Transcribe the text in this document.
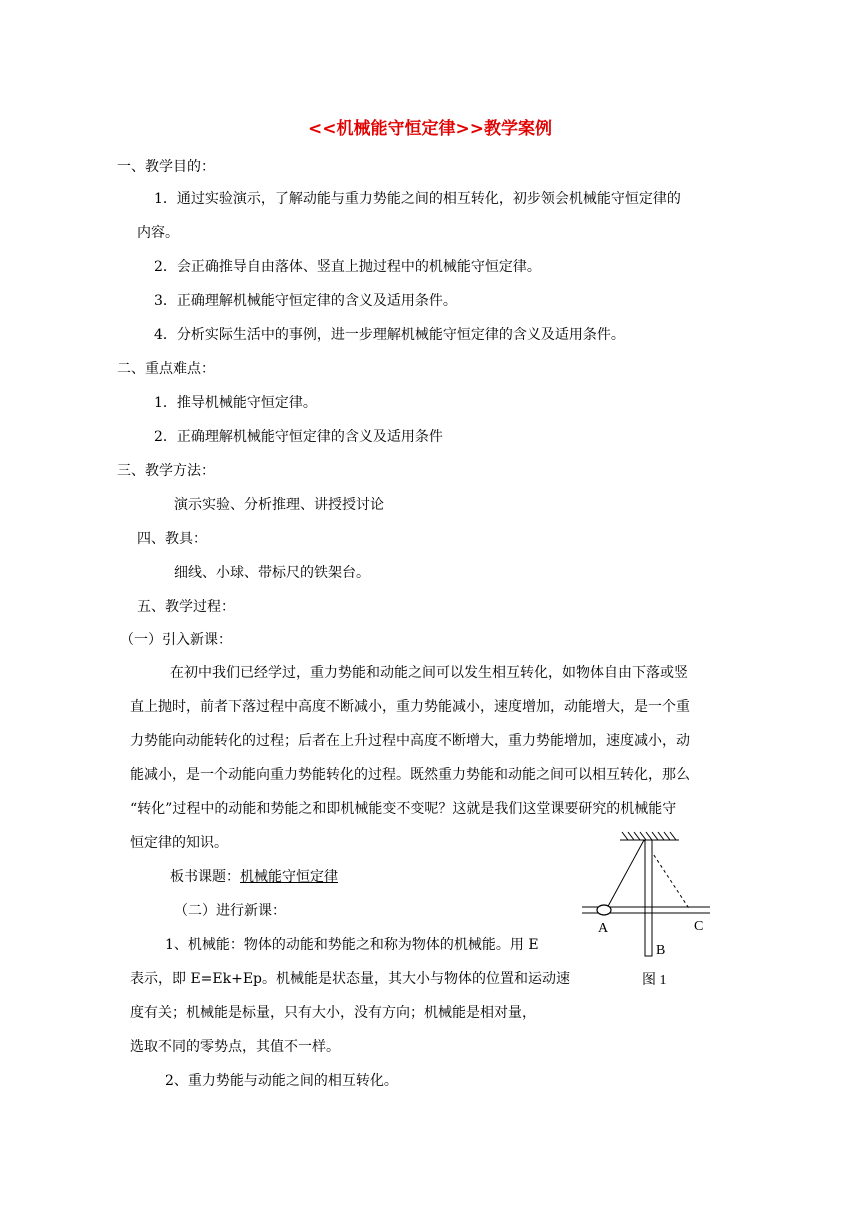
<<机械能守恒定律>>教学案例
一、教学目的：
1．通过实验演示，了解动能与重力势能之间的相互转化，初步领会机械能守恒定律的
内容。
2．会正确推导自由落体、竖直上抛过程中的机械能守恒定律。
3．正确理解机械能守恒定律的含义及适用条件。
4．分析实际生活中的事例，进一步理解机械能守恒定律的含义及适用条件。
二、重点难点：
1．推导机械能守恒定律。
2．正确理解机械能守恒定律的含义及适用条件
三、教学方法：
演示实验、分析推理、讲授授讨论
四、教具：
细线、小球、带标尺的铁架台。
五、教学过程：
（一）引入新课：
在初中我们已经学过，重力势能和动能之间可以发生相互转化，如物体自由下落或竖
直上抛时，前者下落过程中高度不断减小，重力势能减小，速度增加，动能增大，是一个重
力势能向动能转化的过程；后者在上升过程中高度不断增大，重力势能增加，速度减小，动
能减小，是一个动能向重力势能转化的过程。既然重力势能和动能之间可以相互转化，那么
“转化”过程中的动能和势能之和即机械能变不变呢？这就是我们这堂课要研究的机械能守
恒定律的知识。
板书课题：机械能守恒定律
（二）进行新课：
1、机械能：物体的动能和势能之和称为物体的机械能。用 E
表示，即 E=Ek+Ep。机械能是状态量，其大小与物体的位置和运动速
度有关；机械能是标量，只有大小，没有方向；机械能是相对量，
选取不同的零势点，其值不一样。
2、重力势能与动能之间的相互转化。
A
B
C
图 1
